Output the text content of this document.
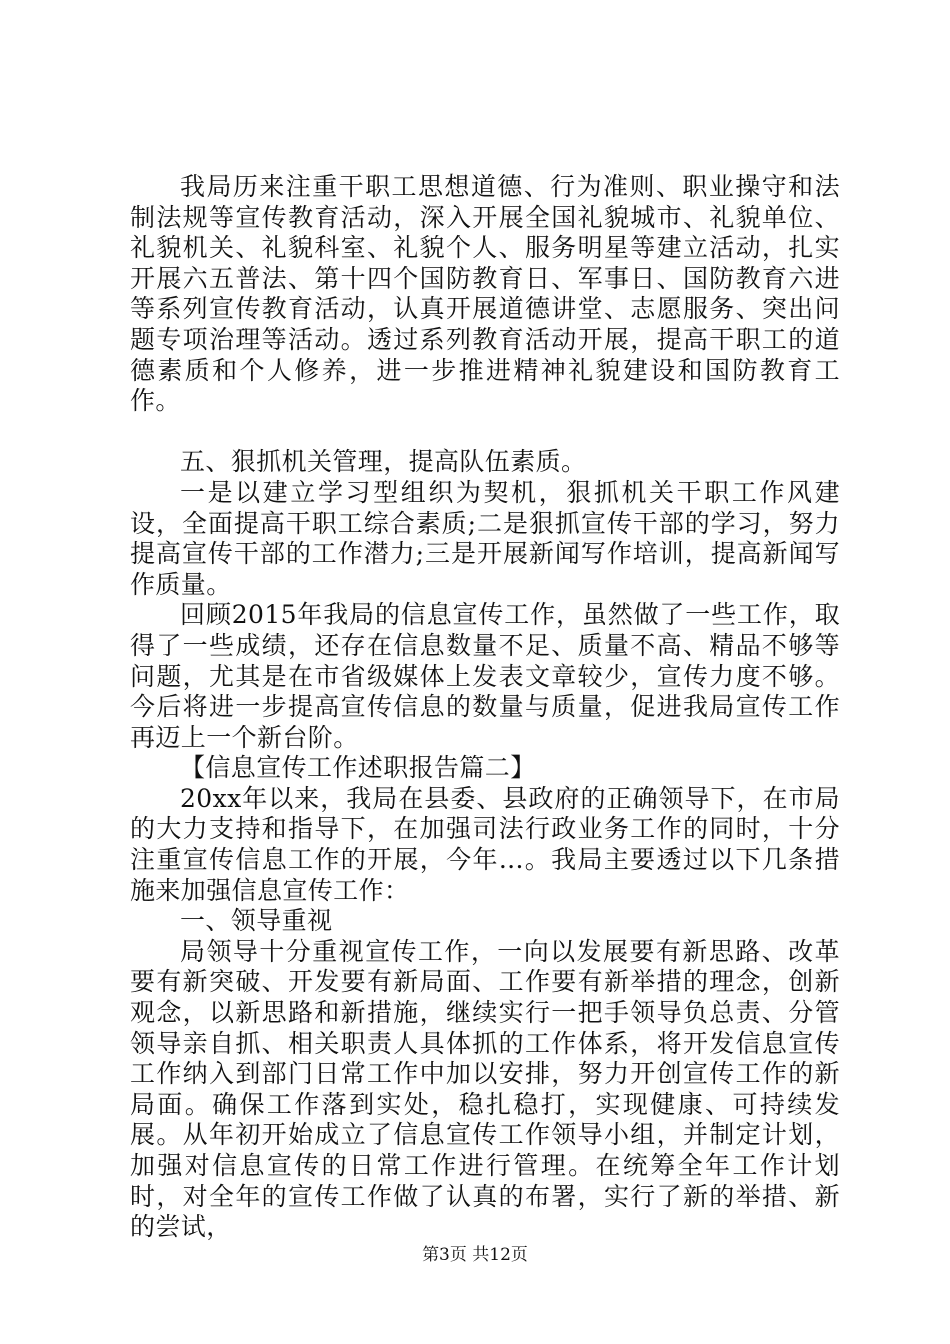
我局历来注重干职工思想道德、行为准则、职业操守和法制法规等宣传教育活动，深入开展全国礼貌城市、礼貌单位、礼貌机关、礼貌科室、礼貌个人、服务明星等建立活动，扎实开展六五普法、第十四个国防教育日、军事日、国防教育六进等系列宣传教育活动，认真开展道德讲堂、志愿服务、突出问题专项治理等活动。透过系列教育活动开展，提高干职工的道德素质和个人修养，进一步推进精神礼貌建设和国防教育工作。

五、狠抓机关管理，提高队伍素质。

一是以建立学习型组织为契机，狠抓机关干职工作风建设，全面提高干职工综合素质;二是狠抓宣传干部的学习，努力提高宣传干部的工作潜力;三是开展新闻写作培训，提高新闻写作质量。

回顾2015年我局的信息宣传工作，虽然做了一些工作，取得了一些成绩，还存在信息数量不足、质量不高、精品不够等问题，尤其是在市省级媒体上发表文章较少，宣传力度不够。今后将进一步提高宣传信息的数量与质量，促进我局宣传工作再迈上一个新台阶。

【信息宣传工作述职报告篇二】

20xx年以来，我局在县委、县政府的正确领导下，在市局的大力支持和指导下，在加强司法行政业务工作的同时，十分注重宣传信息工作的开展，今年...。我局主要透过以下几条措施来加强信息宣传工作：

一、领导重视

局领导十分重视宣传工作，一向以发展要有新思路、改革要有新突破、开发要有新局面、工作要有新举措的理念，创新观念，以新思路和新措施，继续实行一把手领导负总责、分管领导亲自抓、相关职责人具体抓的工作体系，将开发信息宣传工作纳入到部门日常工作中加以安排，努力开创宣传工作的新局面。确保工作落到实处，稳扎稳打，实现健康、可持续发展。从年初开始成立了信息宣传工作领导小组，并制定计划，加强对信息宣传的日常工作进行管理。在统筹全年工作计划时，对全年的宣传工作做了认真的布署，实行了新的举措、新的尝试，

第3页 共12页
